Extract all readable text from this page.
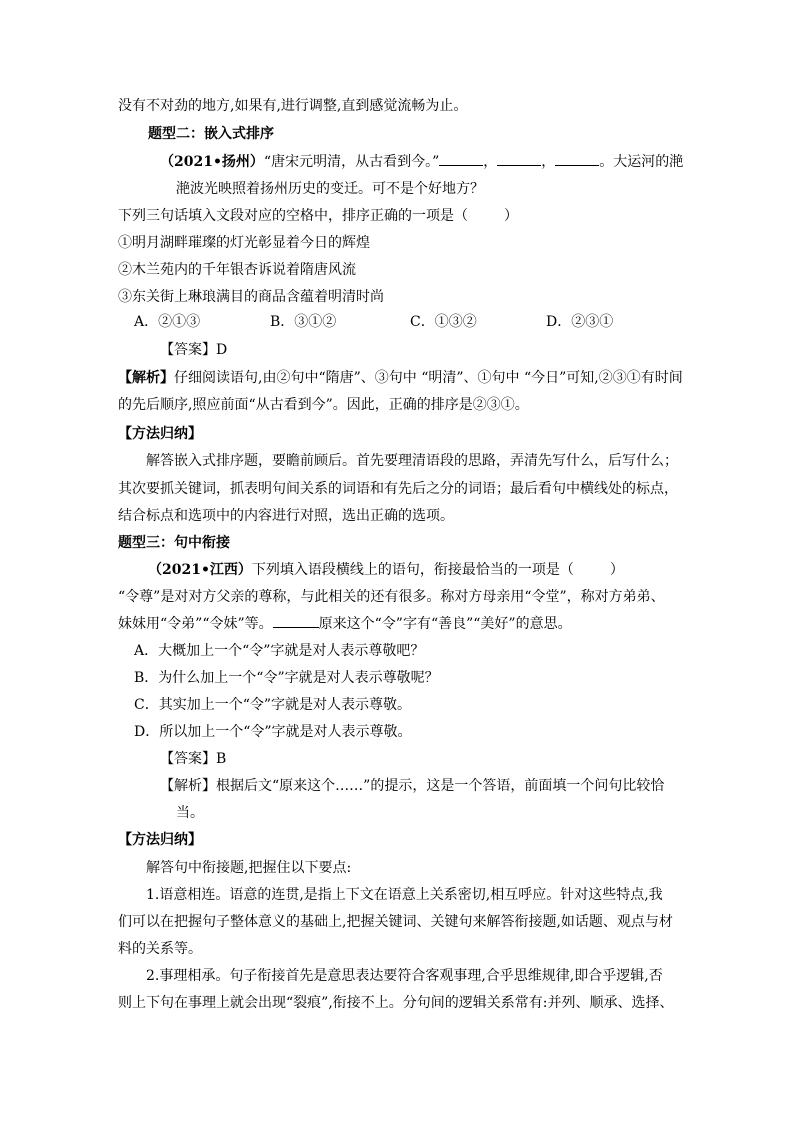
没有不对劲的地方,如果有,进行调整,直到感觉流畅为止。
题型二：嵌入式排序
（2021•扬州）“唐宋元明清，从古看到今。”	，	，	。大运河的滟
滟波光映照着扬州历史的变迁。可不是个好地方？
下列三句话填入文段对应的空格中，排序正确的一项是（	）
①明月湖畔璀璨的灯光彰显着今日的辉煌
②木兰苑内的千年银杏诉说着隋唐风流
③东关街上琳琅满目的商品含蕴着明清时尚
A．②①③	B．③①②	C．①③②	D．②③①
【答案】D
【解析】仔细阅读语句,由②句中“隋唐”、③句中 “明清”、①句中 “今日”可知,②③①有时间
的先后顺序,照应前面“从古看到今”。因此，正确的排序是②③①。
【方法归纳】
解答嵌入式排序题，要瞻前顾后。首先要理清语段的思路，弄清先写什么，后写什么；
其次要抓关键词，抓表明句间关系的词语和有先后之分的词语；最后看句中横线处的标点，
结合标点和选项中的内容进行对照，选出正确的选项。
题型三：句中衔接
（2021•江西）下列填入语段横线上的语句，衔接最恰当的一项是（	）
“令尊”是对对方父亲的尊称，与此相关的还有很多。称对方母亲用“令堂”，称对方弟弟、
妹妹用“令弟”“令妹”等。	原来这个“令”字有“善良”“美好”的意思。
A．大概加上一个“令”字就是对人表示尊敬吧？
B．为什么加上一个“令”字就是对人表示尊敬呢？
C．其实加上一个“令”字就是对人表示尊敬。
D．所以加上一个“令”字就是对人表示尊敬。
【答案】B
【解析】根据后文“原来这个……”的提示，这是一个答语，前面填一个问句比较恰
当。
【方法归纳】
解答句中衔接题,把握住以下要点:
1.语意相连。语意的连贯,是指上下文在语意上关系密切,相互呼应。针对这些特点,我
们可以在把握句子整体意义的基础上,把握关键词、关键句来解答衔接题,如话题、观点与材
料的关系等。
2.事理相承。句子衔接首先是意思表达要符合客观事理,合乎思维规律,即合乎逻辑,否
则上下句在事理上就会出现“裂痕”,衔接不上。分句间的逻辑关系常有:并列、顺承、选择、
